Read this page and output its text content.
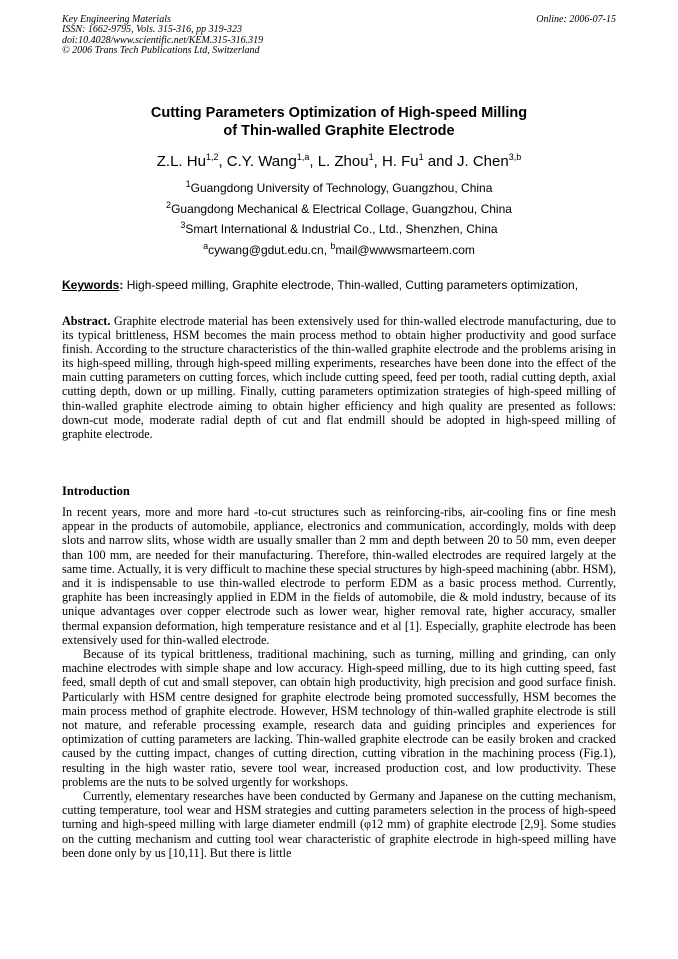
Key Engineering Materials
ISSN: 1662-9795, Vols. 315-316, pp 319-323
doi:10.4028/www.scientific.net/KEM.315-316.319
© 2006 Trans Tech Publications Ltd, Switzerland
Online: 2006-07-15
Cutting Parameters Optimization of High-speed Milling
of Thin-walled Graphite Electrode
Z.L. Hu$^{1,2}$, C.Y. Wang$^{1,a}$, L. Zhou$^1$, H. Fu$^1$ and J. Chen$^{3,b}$
$^1$Guangdong University of Technology, Guangzhou, China
$^2$Guangdong Mechanical & Electrical Collage, Guangzhou, China
$^3$Smart International & Industrial Co., Ltd., Shenzhen, China
$^a$cywang@gdut.edu.cn, $^b$mail@wwwsmarteem.com
Keywords: High-speed milling, Graphite electrode, Thin-walled, Cutting parameters optimization,
Abstract. Graphite electrode material has been extensively used for thin-walled electrode manufacturing, due to its typical brittleness, HSM becomes the main process method to obtain higher productivity and good surface finish. According to the structure characteristics of the thin-walled graphite electrode and the problems arising in its high-speed milling, through high-speed milling experiments, researches have been done into the effect of the main cutting parameters on cutting forces, which include cutting speed, feed per tooth, radial cutting depth, axial cutting depth, down or up milling. Finally, cutting parameters optimization strategies of high-speed milling of thin-walled graphite electrode aiming to obtain higher efficiency and high quality are presented as follows: down-cut mode, moderate radial depth of cut and flat endmill should be adopted in high-speed milling of graphite electrode.
Introduction

In recent years, more and more hard -to-cut structures such as reinforcing-ribs, air-cooling fins or fine mesh appear in the products of automobile, appliance, electronics and communication, accordingly, molds with deep slots and narrow slits, whose width are usually smaller than 2 mm and depth between 20 to 50 mm, even deeper than 100 mm, are needed for their manufacturing. Therefore, thin-walled electrodes are required largely at the same time. Actually, it is very difficult to machine these special structures by high-speed machining (abbr. HSM), and it is indispensable to use thin-walled electrode to perform EDM as a basic process method. Currently, graphite has been increasingly applied in EDM in the fields of automobile, die & mold industry, because of its unique advantages over copper electrode such as lower wear, higher removal rate, higher accuracy, smaller thermal expansion deformation, high temperature resistance and et al [1]. Especially, graphite electrode has been extensively used for thin-walled electrode.

Because of its typical brittleness, traditional machining, such as turning, milling and grinding, can only machine electrodes with simple shape and low accuracy. High-speed milling, due to its high cutting speed, fast feed, small depth of cut and small stepover, can obtain high productivity, high precision and good surface finish. Particularly with HSM centre designed for graphite electrode being promoted successfully, HSM becomes the main process method of graphite electrode. However, HSM technology of thin-walled graphite electrode is still not mature, and referable processing example, research data and guiding principles and experiences for optimization of cutting parameters are lacking. Thin-walled graphite electrode can be easily broken and cracked caused by the cutting impact, changes of cutting direction, cutting vibration in the machining process (Fig.1), resulting in the high waster ratio, severe tool wear, increased production cost, and low productivity. These problems are the nuts to be solved urgently for workshops.

Currently, elementary researches have been conducted by Germany and Japanese on the cutting mechanism, cutting temperature, tool wear and HSM strategies and cutting parameters selection in the process of high-speed turning and high-speed milling with large diameter endmill (φ12 mm) of graphite electrode [2,9]. Some studies on the cutting mechanism and cutting tool wear characteristic of graphite electrode in high-speed milling have been done only by us [10,11]. But there is little
